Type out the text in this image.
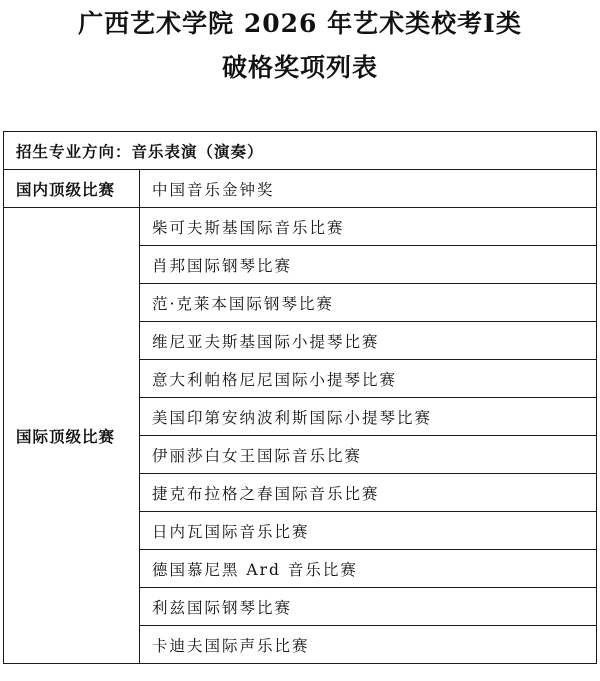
广西艺术学院 2026 年艺术类校考I类
破格奖项列表
招生专业方向：音乐表演（演奏）	
国内顶级比赛	中国音乐金钟奖
国际顶级比赛	柴可夫斯基国际音乐比赛
	肖邦国际钢琴比赛
	范·克莱本国际钢琴比赛
	维尼亚夫斯基国际小提琴比赛
	意大利帕格尼尼国际小提琴比赛
	美国印第安纳波利斯国际小提琴比赛
	伊丽莎白女王国际音乐比赛
	捷克布拉格之春国际音乐比赛
	日内瓦国际音乐比赛
	德国慕尼黑 Ard 音乐比赛
	利兹国际钢琴比赛
	卡迪夫国际声乐比赛
